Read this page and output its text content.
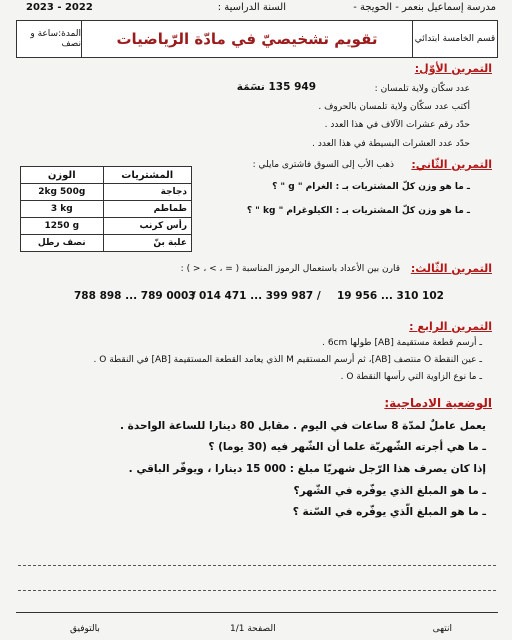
مدرسة إسماعيل بنعمر - الحويجة -
السنة الدراسية :
2023 - 2022
المدة:ساعة و نصف تقويم تشخيصيّ في مادّة الرّياضيات	قسم الخامسة ابتدائي
التمرين الأوّل:
عدد سكّان ولاية تلمسان :
949 135 نسَمَة
أكتب عدد سكّان ولاية تلمسان بالحروف .
حدّد رقم عشرات الآلاف في هذا العدد .
حدّد عدد العشرات البسيطة في هذا العدد .
التمرين الثّاني:
ذهب الأب إلى السوق فاشترى مايلي :
ـ ما هو وزن كلّ المشتريات بـ : الغرام " g " ؟
ـ ما هو وزن كلّ المشتريات بـ : الكيلوغرام " kg " ؟
المشتريات	الوزن
دجاجة	2kg 500g
طماطم	3 kg
رأس كرنب	1250 g
علبة بنّ	نصف رطل
التمرين الثّالث:
قارن بين الأعداد باستعمال الرموز المناسبة ( = ، > ، < ) :
19 956 ... 310 102
3 014 471 ... 399 987 /
788 898 ... 789 000 /
التمرين الرابع :
ـ أرسم قطعة مستقيمة [AB] طولها 6cm .
ـ عين النقطة O منتصف [AB]، ثم أرسم المستقيم M الذي يعامد القطعة المستقيمة [AB] في النقطة O .
ـ ما نوع الزاوية التي رأسها النقطة O .
الوضعية الادماجية:
يعمل عاملٌ لمدّة 8 ساعات في اليوم . مقابل 80 دينارا للساعة الواحدة .
ـ ما هي أجرته الشّهريّة علما أن الشّهر فيه (30 يوما) ؟
إذا كان يصرف هذا الرّجل شهريّا مبلغ : 000 15 دينارا ، ويوفّر الباقي .
ـ ما هو المبلغ الذي يوفّره في الشّهر؟
ـ ما هو المبلغ الّذي يوفّره في السّنة ؟
انتهى
الصفحة 1/1
بالتوفيق
